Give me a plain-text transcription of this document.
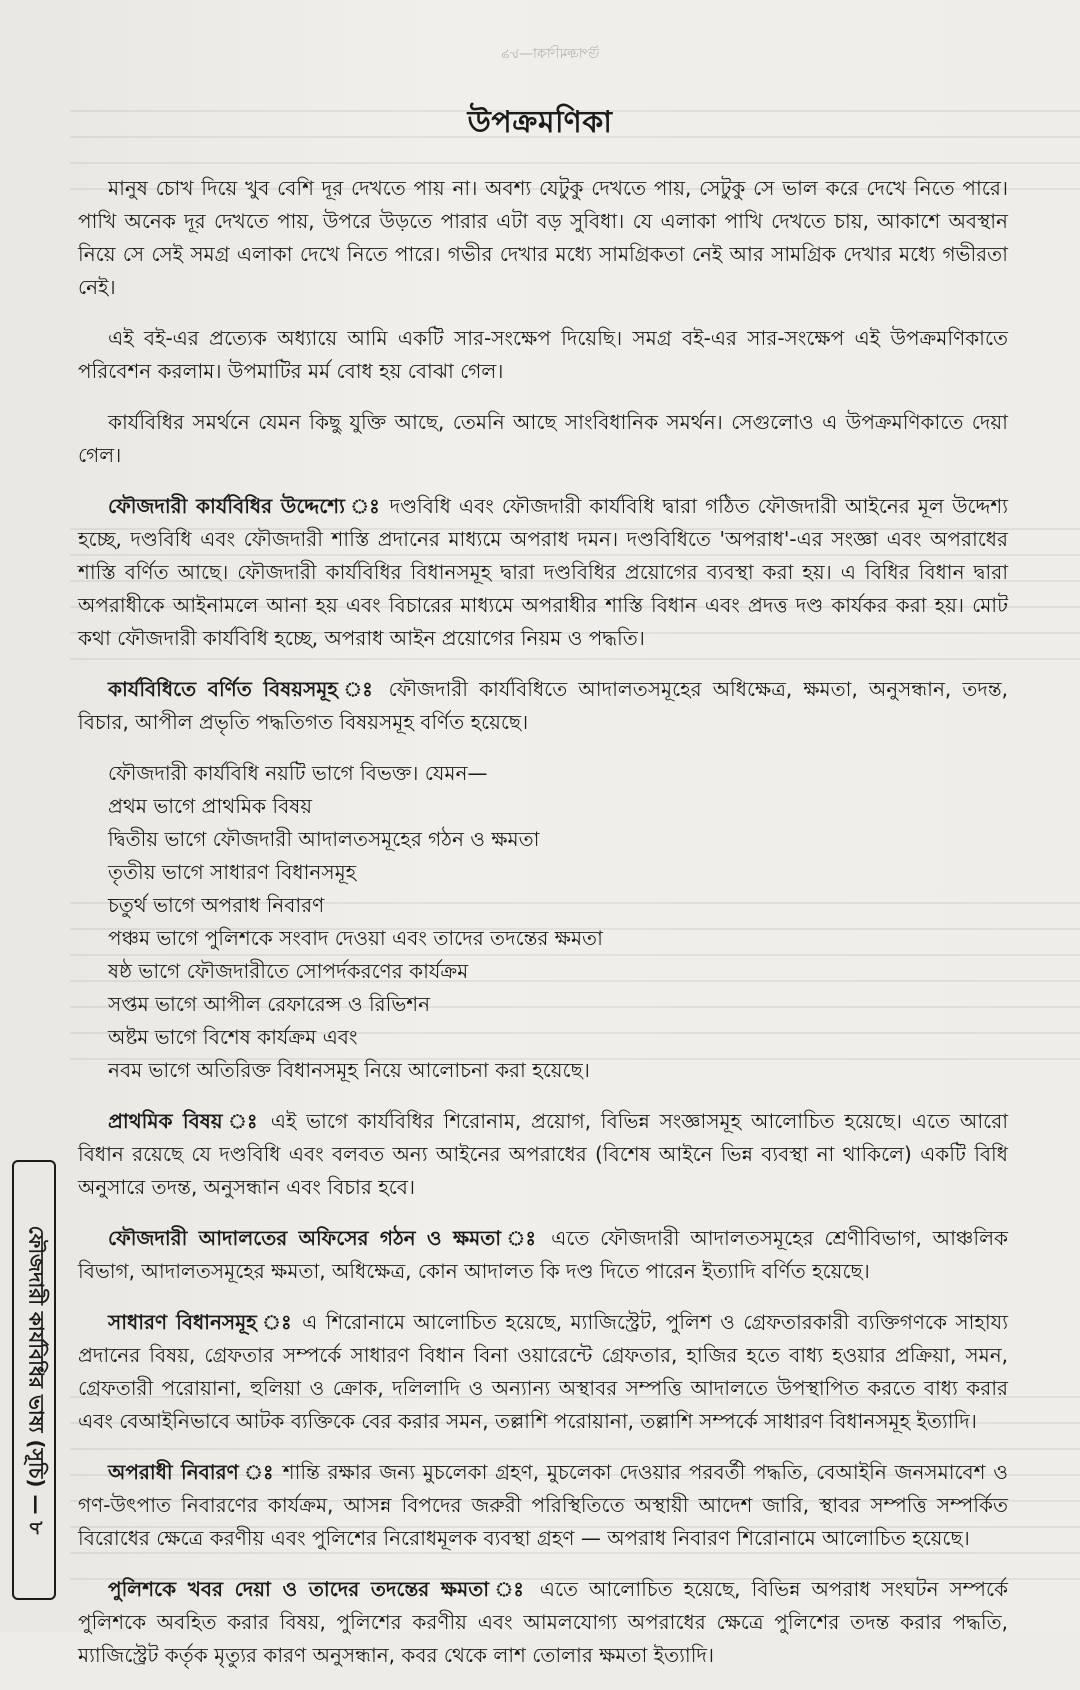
উপক্রমণিকা—৮৯
উপক্রমণিকা

মানুষ চোখ দিয়ে খুব বেশি দূর দেখতে পায় না। অবশ্য যেটুকু দেখতে পায়, সেটুকু সে ভাল করে দেখে নিতে পারে। পাখি অনেক দূর দেখতে পায়, উপরে উড়তে পারার এটা বড় সুবিধা। যে এলাকা পাখি দেখতে চায়, আকাশে অবস্থান নিয়ে সে সেই সমগ্র এলাকা দেখে নিতে পারে। গভীর দেখার মধ্যে সামগ্রিকতা নেই আর সামগ্রিক দেখার মধ্যে গভীরতা নেই।

এই বই-এর প্রত্যেক অধ্যায়ে আমি একটি সার-সংক্ষেপ দিয়েছি। সমগ্র বই-এর সার-সংক্ষেপ এই উপক্রমণিকাতে পরিবেশন করলাম। উপমাটির মর্ম বোধ হয় বোঝা গেল।

কার্যবিধির সমর্থনে যেমন কিছু যুক্তি আছে, তেমনি আছে সাংবিধানিক সমর্থন। সেগুলোও এ উপক্রমণিকাতে দেয়া গেল।

ফৌজদারী কার্যবিধির উদ্দেশ্যে ঃ দণ্ডবিধি এবং ফৌজদারী কার্যবিধি দ্বারা গঠিত ফৌজদারী আইনের মূল উদ্দেশ্য হচ্ছে, দণ্ডবিধি এবং ফৌজদারী শাস্তি প্রদানের মাধ্যমে অপরাধ দমন। দণ্ডবিধিতে 'অপরাধ'-এর সংজ্ঞা এবং অপরাধের শাস্তি বর্ণিত আছে। ফৌজদারী কার্যবিধির বিধানসমূহ দ্বারা দণ্ডবিধির প্রয়োগের ব্যবস্থা করা হয়। এ বিধির বিধান দ্বারা অপরাধীকে আইনামলে আনা হয় এবং বিচারের মাধ্যমে অপরাধীর শাস্তি বিধান এবং প্রদত্ত দণ্ড কার্যকর করা হয়। মোট কথা ফৌজদারী কার্যবিধি হচ্ছে, অপরাধ আইন প্রয়োগের নিয়ম ও পদ্ধতি।

কার্যবিধিতে বর্ণিত বিষয়সমূহ ঃ ফৌজদারী কার্যবিধিতে আদালতসমূহের অধিক্ষেত্র, ক্ষমতা, অনুসন্ধান, তদন্ত, বিচার, আপীল প্রভৃতি পদ্ধতিগত বিষয়সমূহ বর্ণিত হয়েছে।

ফৌজদারী কার্যবিধি নয়টি ভাগে বিভক্ত। যেমন—

প্রথম ভাগে প্রাথমিক বিষয়
দ্বিতীয় ভাগে ফৌজদারী আদালতসমূহের গঠন ও ক্ষমতা
তৃতীয় ভাগে সাধারণ বিধানসমূহ
চতুর্থ ভাগে অপরাধ নিবারণ
পঞ্চম ভাগে পুলিশকে সংবাদ দেওয়া এবং তাদের তদন্তের ক্ষমতা
ষষ্ঠ ভাগে ফৌজদারীতে সোপর্দকরণের কার্যক্রম
সপ্তম ভাগে আপীল রেফারেন্স ও রিভিশন
অষ্টম ভাগে বিশেষ কার্যক্রম এবং
নবম ভাগে অতিরিক্ত বিধানসমূহ নিয়ে আলোচনা করা হয়েছে।

প্রাথমিক বিষয় ঃ এই ভাগে কার্যবিধির শিরোনাম, প্রয়োগ, বিভিন্ন সংজ্ঞাসমূহ আলোচিত হয়েছে। এতে আরো বিধান রয়েছে যে দণ্ডবিধি এবং বলবত অন্য আইনের অপরাধের (বিশেষ আইনে ভিন্ন ব্যবস্থা না থাকিলে) একটি বিধি অনুসারে তদন্ত, অনুসন্ধান এবং বিচার হবে।

ফৌজদারী আদালতের অফিসের গঠন ও ক্ষমতা ঃ এতে ফৌজদারী আদালতসমূহের শ্রেণীবিভাগ, আঞ্চলিক বিভাগ, আদালতসমূহের ক্ষমতা, অধিক্ষেত্র, কোন আদালত কি দণ্ড দিতে পারেন ইত্যাদি বর্ণিত হয়েছে।

সাধারণ বিধানসমূহ ঃ এ শিরোনামে আলোচিত হয়েছে, ম্যাজিস্ট্রেট, পুলিশ ও গ্রেফতারকারী ব্যক্তিগণকে সাহায্য প্রদানের বিষয়, গ্রেফতার সম্পর্কে সাধারণ বিধান বিনা ওয়ারেন্টে গ্রেফতার, হাজির হতে বাধ্য হওয়ার প্রক্রিয়া, সমন, গ্রেফতারী পরোয়ানা, হুলিয়া ও ক্রোক, দলিলাদি ও অন্যান্য অস্থাবর সম্পত্তি আদালতে উপস্থাপিত করতে বাধ্য করার এবং বেআইনিভাবে আটক ব্যক্তিকে বের করার সমন, তল্লাশি পরোয়ানা, তল্লাশি সম্পর্কে সাধারণ বিধানসমূহ ইত্যাদি।

অপরাধী নিবারণ ঃ শান্তি রক্ষার জন্য মুচলেকা গ্রহণ, মুচলেকা দেওয়ার পরবর্তী পদ্ধতি, বেআইনি জনসমাবেশ ও গণ-উৎপাত নিবারণের কার্যক্রম, আসন্ন বিপদের জরুরী পরিস্থিতিতে অস্থায়ী আদেশ জারি, স্থাবর সম্পত্তি সম্পর্কিত বিরোধের ক্ষেত্রে করণীয় এবং পুলিশের নিরোধমূলক ব্যবস্থা গ্রহণ — অপরাধ নিবারণ শিরোনামে আলোচিত হয়েছে।

পুলিশকে খবর দেয়া ও তাদের তদন্তের ক্ষমতা ঃ এতে আলোচিত হয়েছে, বিভিন্ন অপরাধ সংঘটন সম্পর্কে পুলিশকে অবহিত করার বিষয়, পুলিশের করণীয় এবং আমলযোগ্য অপরাধের ক্ষেত্রে পুলিশের তদন্ত করার পদ্ধতি, ম্যাজিস্ট্রেট কর্তৃক মৃত্যুর কারণ অনুসন্ধান, কবর থেকে লাশ তোলার ক্ষমতা ইত্যাদি।

ফৌজদারী কার্যবিধির ভাষ্য (সূচি) — ৮
